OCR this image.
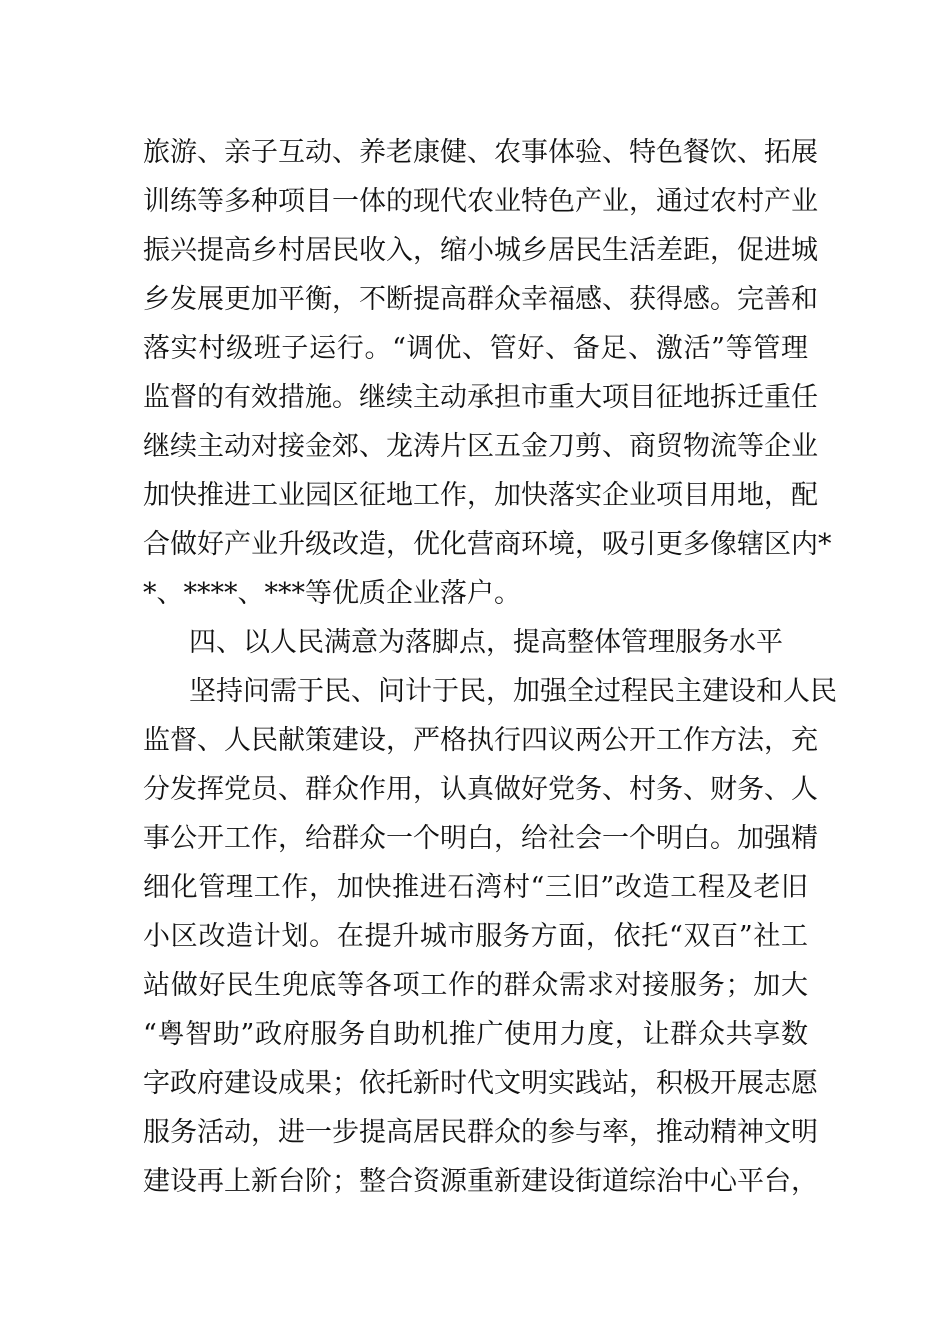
旅游、亲子互动、养老康健、农事体验、特色餐饮、拓展
训练等多种项目一体的现代农业特色产业，通过农村产业
振兴提高乡村居民收入，缩小城乡居民生活差距，促进城
乡发展更加平衡，不断提高群众幸福感、获得感。完善和
落实村级班子运行。“调优、管好、备足、激活”等管理
监督的有效措施。继续主动承担市重大项目征地拆迁重任
继续主动对接金郊、龙涛片区五金刀剪、商贸物流等企业
加快推进工业园区征地工作，加快落实企业项目用地，配
合做好产业升级改造，优化营商环境，吸引更多像辖区内*
*、****、***等优质企业落户。
四、以人民满意为落脚点，提高整体管理服务水平
坚持问需于民、问计于民，加强全过程民主建设和人民
监督、人民献策建设，严格执行四议两公开工作方法，充
分发挥党员、群众作用，认真做好党务、村务、财务、人
事公开工作，给群众一个明白，给社会一个明白。加强精
细化管理工作，加快推进石湾村“三旧”改造工程及老旧
小区改造计划。在提升城市服务方面，依托“双百”社工
站做好民生兜底等各项工作的群众需求对接服务；加大
“粤智助”政府服务自助机推广使用力度，让群众共享数
字政府建设成果；依托新时代文明实践站，积极开展志愿
服务活动，进一步提高居民群众的参与率，推动精神文明
建设再上新台阶；整合资源重新建设街道综治中心平台，
